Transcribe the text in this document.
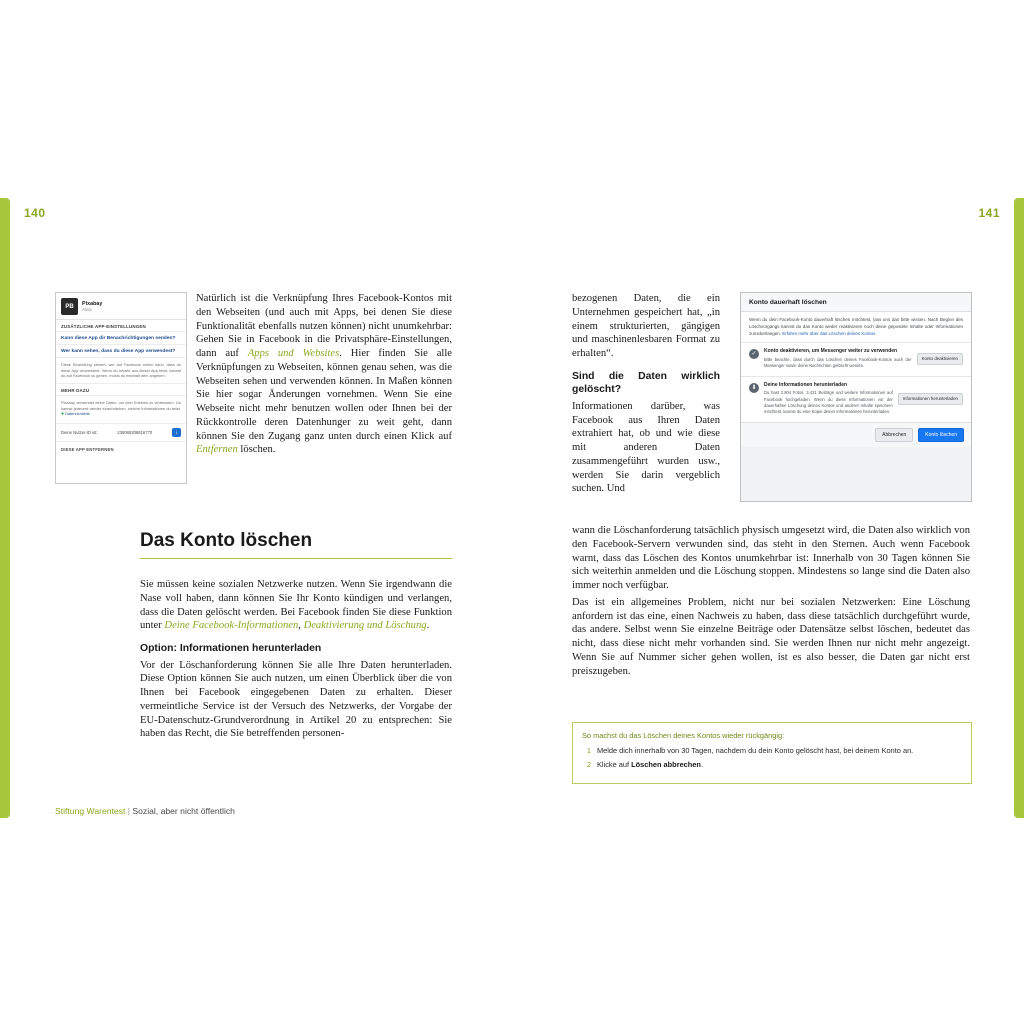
140
PB	Pixabay
Aktiv
ZUSÄTZLICHE APP-EINSTELLUNGEN
Kann diese App dir Benachrichtigungen senden?
Wer kann sehen, dass du diese App verwendest?
Diese Einstellung steuert, wer auf Facebook sehen kann, dass du diese App verwendest. Wenn du Inhalte aus dieser App teilst, kannst du auf Facebook so gehen, musst du erstmalt dein angeben.
MEHR DAZU
Pixabay verwendet deine Daten, um dein Erlebnis zu verbessern. Du kannst jederzeit wieder einschränken, welche Informationen du teilst. ● Datenrichtlinie
Deine Nutzer-ID ist:	236065306816770	i
DIESE APP ENTFERNEN

Natürlich ist die Verknüpfung Ihres Facebook-Kontos mit den Webseiten (und auch mit Apps, bei denen Sie diese Funktionalität ebenfalls nutzen können) nicht unumkehrbar: Gehen Sie in Facebook in die Privatsphäre-Einstellungen, dann auf Apps und Websites. Hier finden Sie alle Verknüpfungen zu Webseiten, können genau sehen, was die Webseiten sehen und verwenden können. In Maßen können Sie hier sogar Änderungen vornehmen. Wenn Sie eine Webseite nicht mehr benutzen wollen oder Ihnen bei der Rückkontrolle deren Datenhunger zu weit geht, dann können Sie den Zugang ganz unten durch einen Klick auf Entfernen löschen.

Das Konto löschen

Sie müssen keine sozialen Netzwerke nutzen. Wenn Sie irgendwann die Nase voll haben, dann können Sie Ihr Konto kündigen und verlangen, dass die Daten gelöscht werden. Bei Facebook finden Sie diese Funktion unter Deine Facebook-Informationen, Deaktivierung und Löschung.

Option: Informationen herunterladen

Vor der Löschanforderung können Sie alle Ihre Daten herunterladen. Diese Option können Sie auch nutzen, um einen Überblick über die von Ihnen bei Facebook eingegebenen Daten zu erhalten. Dieser vermeintliche Service ist der Versuch des Netzwerks, der Vorgabe der EU-Datenschutz-Grundverordnung in Artikel 20 zu entsprechen: Sie haben das Recht, die Sie betreffenden personen-

Stiftung Warentest | Sozial, aber nicht öffentlich
141

bezogenen Daten, die ein Unternehmen gespeichert hat, „in einem strukturierten, gängigen und maschinenlesbaren Format zu erhalten“.

Sind die Daten wirklich gelöscht?

Informationen darüber, was Facebook aus Ihren Daten extrahiert hat, ob und wie diese mit anderen Daten zusammengeführt wurden usw., werden Sie darin vergeblich suchen. Und

Konto dauerhaft löschen
Wenn du dein Facebook-Konto dauerhaft löschen möchtest, lass uns das bitte wissen. Nach Beginn des Löschvorgangs kannst du das Konto weder reaktivieren noch deine gepostete Inhalte oder Informationen zurückerlangen. Erfahre mehr über das Löschen deines Kontos
✓	Konto deaktivieren, um Messenger weiter zu verwenden
Bitte beachte, dass durch das Löschen deines Facebook-Kontos auch der Messenger sowie deine Nachrichten gelöscht werden.
Konto deaktivieren
⬇	Deine Informationen herunterladen
Du hast 2.804 Fotos, 3.431 Beiträge und weitere Informationen auf Facebook hochgeladen. Wenn du diese Informationen vor der dauerhaften Löschung deines Kontos und anderer Inhalte speichern möchtest, kannst du eine Kopie deiner Informationen herunterladen.
Informationen herunterladen
Abbrechen	Konto löschen

wann die Löschanforderung tatsächlich physisch umgesetzt wird, die Daten also wirklich von den Facebook-Servern verwunden sind, das steht in den Sternen. Auch wenn Facebook warnt, dass das Löschen des Kontos unumkehrbar ist: Innerhalb von 30 Tagen können Sie sich weiterhin anmelden und die Löschung stoppen. Mindestens so lange sind die Daten also immer noch verfügbar.

Das ist ein allgemeines Problem, nicht nur bei sozialen Netzwerken: Eine Löschung anfordern ist das eine, einen Nachweis zu haben, dass diese tatsächlich durchgeführt wurde, das andere. Selbst wenn Sie einzelne Beiträge oder Datensätze selbst löschen, bedeutet das nicht, dass diese nicht mehr vorhanden sind. Sie werden Ihnen nur nicht mehr angezeigt. Wenn Sie auf Nummer sicher gehen wollen, ist es also besser, die Daten gar nicht erst preiszugeben.

So machst du das Löschen deines Kontos wieder rückgängig:
1 Melde dich innerhalb von 30 Tagen, nachdem du dein Konto gelöscht hast, bei deinem Konto an.
2 Klicke auf Löschen abbrechen.
